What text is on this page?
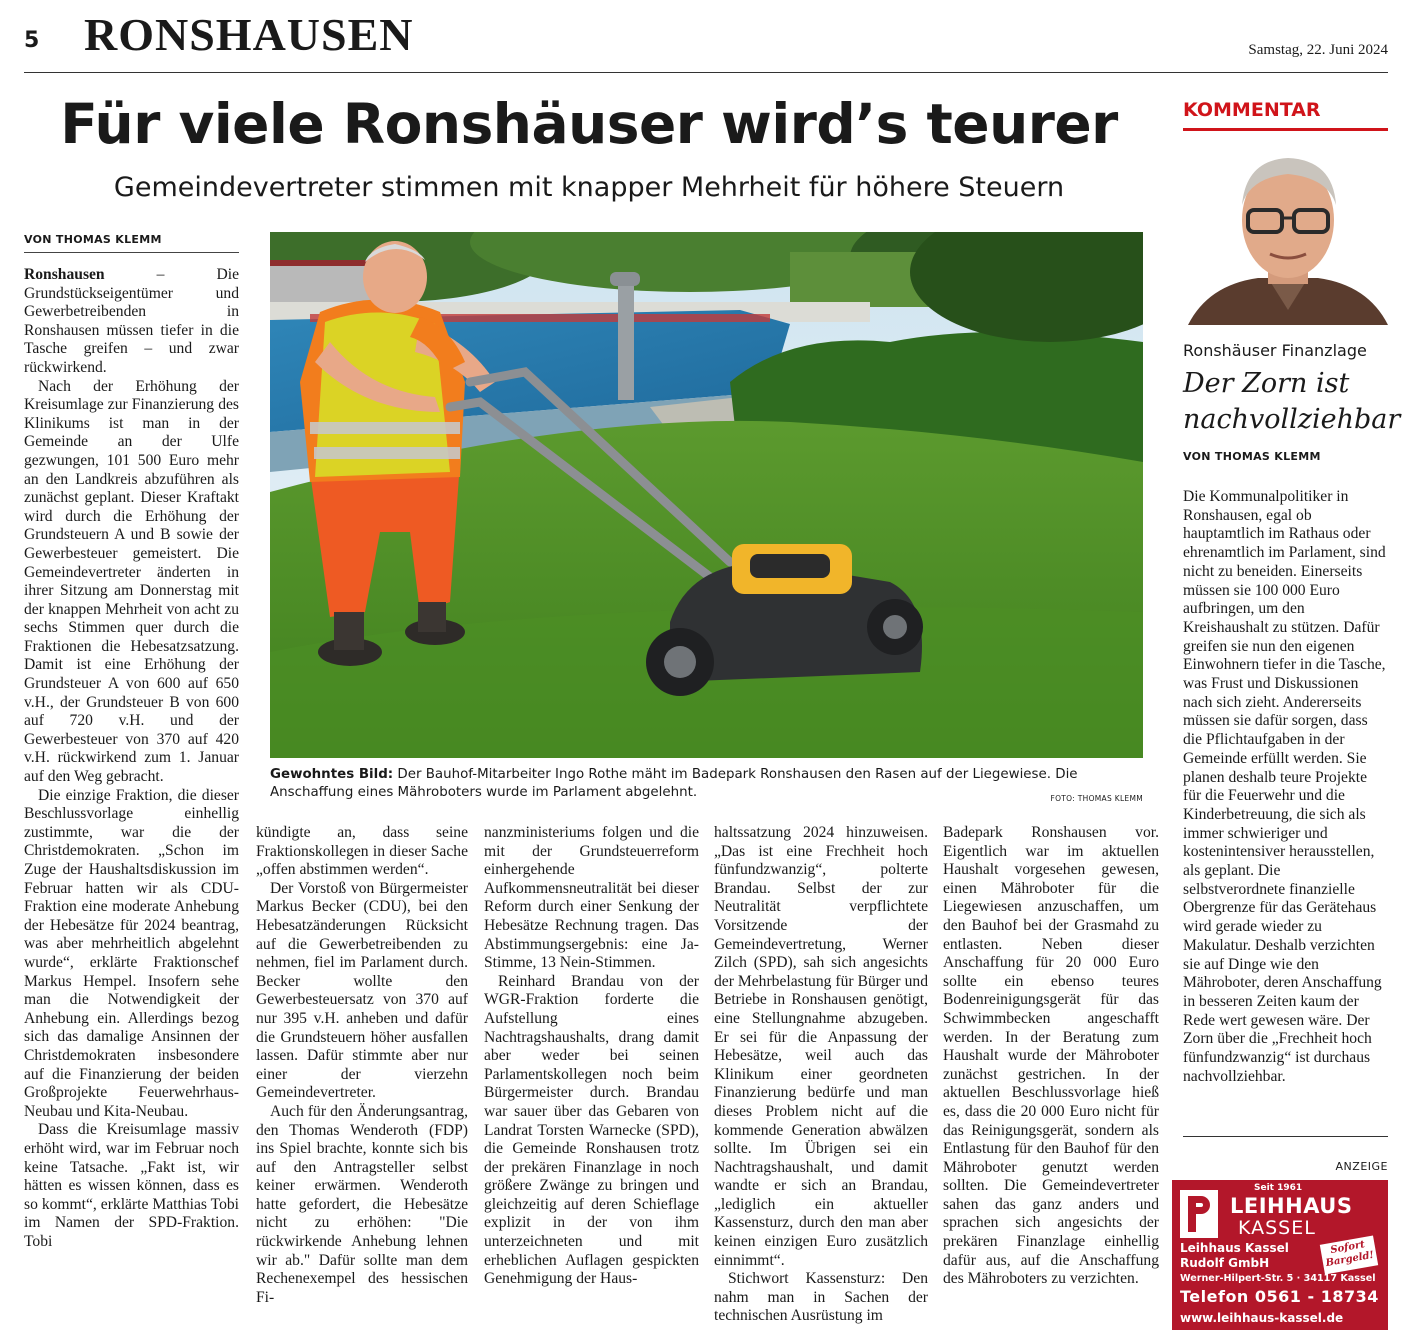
5 RONSHAUSEN	Samstag, 22. Juni 2024
Für viele Ronshäuser wird’s teurer
Gemeindevertreter stimmen mit knapper Mehrheit für höhere Steuern
VON THOMAS KLEMM

Ronshausen	– Die Grundstückseigentümer und Gewerbetreibenden in Ronshausen müssen tiefer in die Tasche greifen – und zwar rückwirkend.

Nach der Erhöhung der Kreisumlage zur Finanzierung des Klinikums ist man in der Gemeinde an der Ulfe gezwungen, 101 500 Euro mehr an den Landkreis abzuführen als zunächst geplant. Dieser Kraftakt wird durch die Erhöhung der Grundsteuern A und B sowie der Gewerbesteuer gemeistert. Die Gemeindevertreter änderten in ihrer Sitzung am Donnerstag mit der knappen Mehrheit von acht zu sechs Stimmen quer durch die Fraktionen die Hebesatzsatzung. Damit ist eine Erhöhung der Grundsteuer A von 600 auf 650 v.H., der Grundsteuer B von 600 auf 720 v.H. und der Gewerbesteuer von 370 auf 420 v.H. rückwirkend zum 1. Januar auf den Weg gebracht.

Die einzige Fraktion, die dieser Beschlussvorlage einhellig zustimmte, war die der Christdemokraten. „Schon im Zuge der Haushaltsdiskussion im Februar hatten wir als CDU-Fraktion eine moderate Anhebung der Hebesätze für 2024 beantrag, was aber mehrheitlich abgelehnt wurde“, erklärte Fraktionschef Markus Hempel. Insofern sehe man die Notwendigkeit der Anhebung ein. Allerdings bezog sich das damalige Ansinnen der Christdemokraten insbesondere auf die Finanzierung der beiden Großprojekte Feuerwehrhaus-Neubau und Kita-Neubau.

Dass die Kreisumlage massiv erhöht wird, war im Februar noch keine Tatsache. „Fakt ist, wir hätten es wissen können, dass es so kommt“, erklärte Matthias Tobi im Namen der SPD-Fraktion. Tobi

Gewohntes Bild: Der Bauhof-Mitarbeiter Ingo Rothe mäht im Badepark Ronshausen den Rasen auf der Liegewiese. Die Anschaffung eines Mähroboters wurde im Parlament abgelehnt.	FOTO: THOMAS KLEMM

kündigte an, dass seine Fraktionskollegen in dieser Sache „offen abstimmen werden“.

Der Vorstoß von Bürgermeister Markus Becker (CDU), bei den Hebesatzänderungen Rücksicht auf die Gewerbetreibenden zu nehmen, fiel im Parlament durch. Becker wollte den Gewerbesteuersatz von 370 auf nur 395 v.H. anheben und dafür die Grundsteuern höher ausfallen lassen. Dafür stimmte aber nur einer der vierzehn Gemeindevertreter.

Auch für den Änderungsantrag, den Thomas Wenderoth (FDP) ins Spiel brachte, konnte sich bis auf den Antragsteller selbst keiner erwärmen. Wenderoth hatte gefordert, die Hebesätze nicht zu erhöhen: "Die rückwirkende Anhebung lehnen wir ab." Dafür sollte man dem Rechenexempel des hessischen Fi-

nanzministeriums folgen und die mit der Grundsteuerreform einhergehende Aufkommensneutralität bei dieser Reform durch einer Senkung der Hebesätze Rechnung tragen. Das Abstimmungsergebnis: eine Ja-Stimme, 13 Nein-Stimmen.

Reinhard Brandau von der WGR-Fraktion forderte die Aufstellung eines Nachtragshaushalts, drang damit aber weder bei seinen Parlamentskollegen noch beim Bürgermeister durch. Brandau war sauer über das Gebaren von Landrat Torsten Warnecke (SPD), die Gemeinde Ronshausen trotz der prekären Finanzlage in noch größere Zwänge zu bringen und gleichzeitig auf deren Schieflage explizit in der von ihm unterzeichneten und mit erheblichen Auflagen gespickten Genehmigung der Haus-

haltssatzung 2024 hinzuweisen. „Das ist eine Frechheit hoch fünfundzwanzig“, polterte Brandau. Selbst der zur Neutralität verpflichtete Vorsitzende der Gemeindevertretung, Werner Zilch (SPD), sah sich angesichts der Mehrbelastung für Bürger und Betriebe in Ronshausen genötigt, eine Stellungnahme abzugeben. Er sei für die Anpassung der Hebesätze, weil auch das Klinikum einer geordneten Finanzierung bedürfe und man dieses Problem nicht auf die kommende Generation abwälzen sollte. Im Übrigen sei ein Nachtragshaushalt, und damit wandte er sich an Brandau, „lediglich ein aktueller Kassensturz, durch den man aber keinen einzigen Euro zusätzlich einnimmt“.

Stichwort Kassensturz: Den nahm man in Sachen der technischen Ausrüstung im

Badepark Ronshausen vor. Eigentlich war im aktuellen Haushalt vorgesehen gewesen, einen Mähroboter für die Liegewiesen anzuschaffen, um den Bauhof bei der Grasmahd zu entlasten. Neben dieser Anschaffung für 20 000 Euro sollte ein ebenso teures Bodenreinigungsgerät für das Schwimmbecken angeschafft werden. In der Beratung zum Haushalt wurde der Mähroboter zunächst gestrichen. In der aktuellen Beschlussvorlage hieß es, dass die 20 000 Euro nicht für das Reinigungsgerät, sondern als Entlastung für den Bauhof für den Mähroboter genutzt werden sollten. Die Gemeindevertreter sahen das ganz anders und sprachen sich angesichts der prekären Finanzlage einhellig dafür aus, auf die Anschaffung des Mähroboters zu verzichten.

KOMMENTAR
Ronshäuser Finanzlage
Der Zorn ist nachvollziehbar
VON THOMAS KLEMM

Die Kommunalpolitiker in Ronshausen, egal ob hauptamtlich im Rathaus oder ehrenamtlich im Parlament, sind nicht zu beneiden. Einerseits müssen sie 100 000 Euro aufbringen, um den Kreishaushalt zu stützen. Dafür greifen sie nun den eigenen Einwohnern tiefer in die Tasche, was Frust und Diskussionen nach sich zieht. Andererseits müssen sie dafür sorgen, dass die Pflichtaufgaben in der Gemeinde erfüllt werden. Sie planen deshalb teure Projekte für die Feuerwehr und die Kinderbetreuung, die sich als immer schwieriger und kostenintensiver herausstellen, als geplant. Die selbstverordnete finanzielle Obergrenze für das Gerätehaus wird gerade wieder zu Makulatur. Deshalb verzichten sie auf Dinge wie den Mähroboter, deren Anschaffung in besseren Zeiten kaum der Rede wert gewesen wäre. Der Zorn über die „Frechheit hoch fünfundzwanzig“ ist durchaus nachvollziehbar.

ANZEIGE
Seit 1961
LEIHHAUS
KASSEL
Leihhaus Kassel
Rudolf GmbH
Sofort Bargeld!
Werner-Hilpert-Str. 5 · 34117 Kassel
Telefon 0561 - 18734
www.leihhaus-kassel.de
